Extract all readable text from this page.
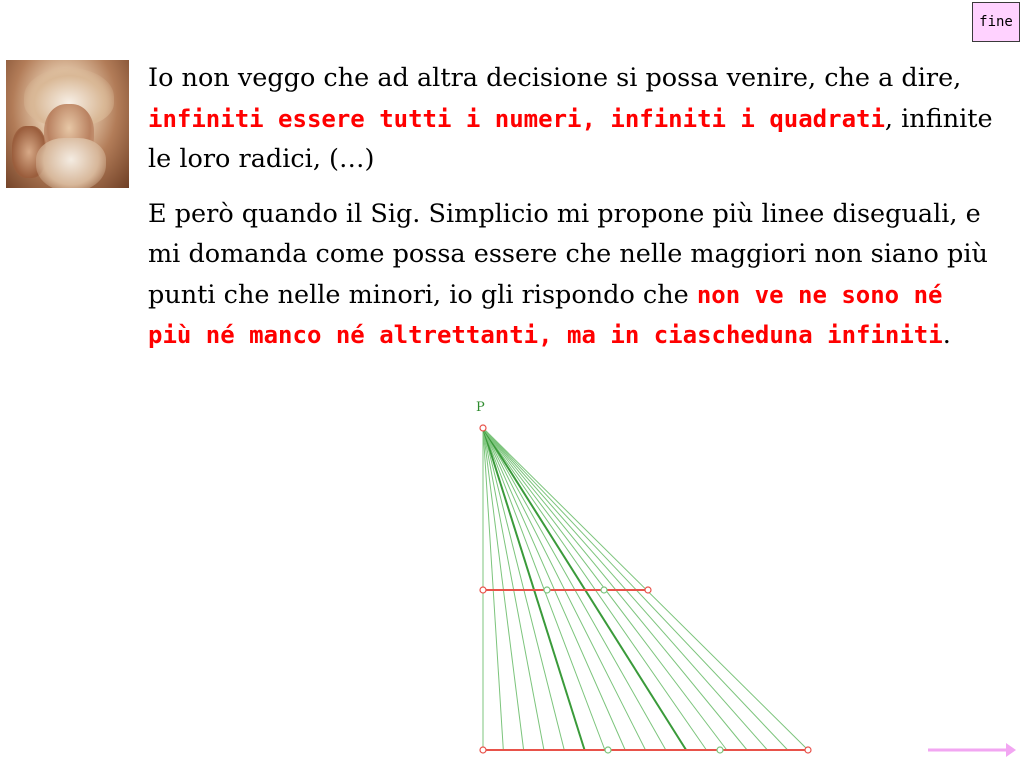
fine

Io non veggo che ad altra decisione si possa venire, che a dire, infiniti essere tutti i numeri, infiniti i quadrati, infinite le loro radici, (…)

E però quando il Sig. Simplicio mi propone più linee diseguali, e mi domanda come possa essere che nelle maggiori non siano più punti che nelle minori, io gli rispondo che non ve ne sono né più né manco né altrettanti, ma in ciascheduna infiniti.

P
